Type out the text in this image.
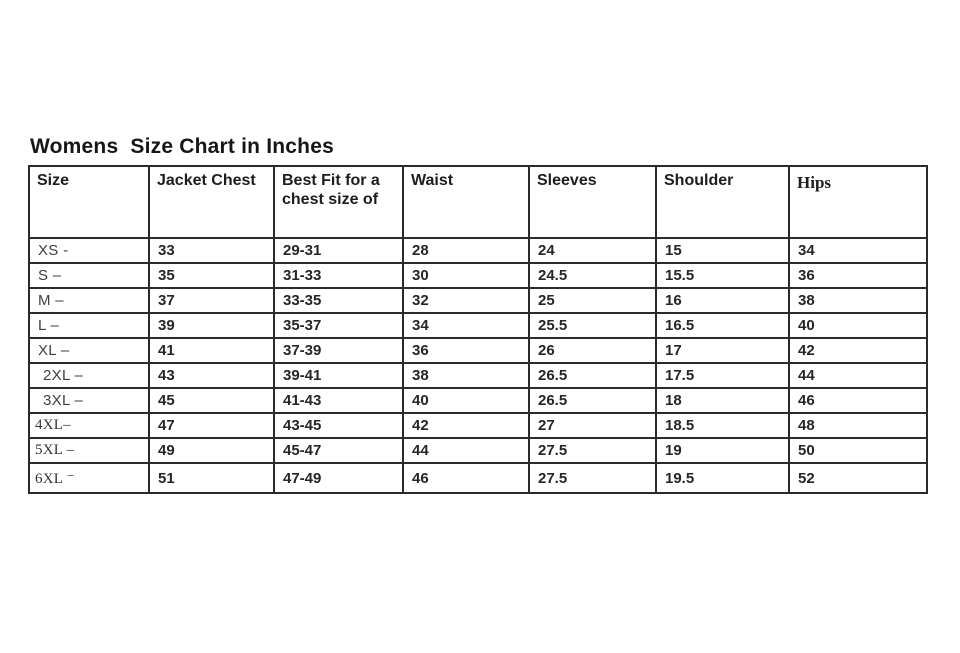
Womens  Size Chart in Inches
Size	Jacket Chest	Best Fit for a chest size of	Waist	Sleeves	Shoulder	Hips
XS -	33	29-31	28	24	15	34
S –	35	31-33	30	24.5	15.5	36
M –	37	33-35	32	25	16	38
L –	39	35-37	34	25.5	16.5	40
XL –	41	37-39	36	26	17	42
2XL –	43	39-41	38	26.5	17.5	44
3XL –	45	41-43	40	26.5	18	46
4XL–	47	43-45	42	27	18.5	48
5XL –	49	45-47	44	27.5	19	50
6XL ⁻	51	47-49	46	27.5	19.5	52
